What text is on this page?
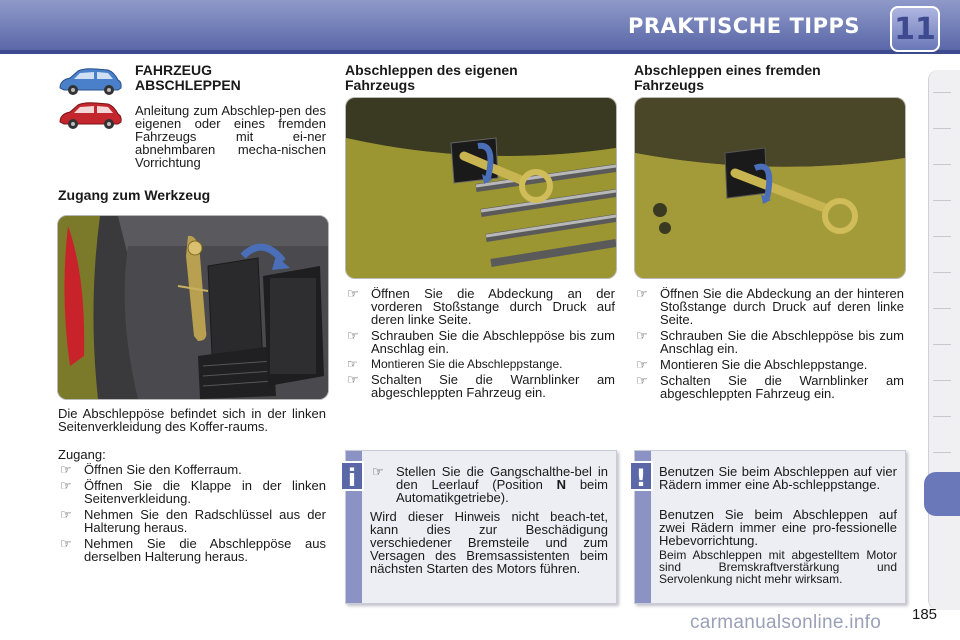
PRAKTISCHE TIPPS 11
FAHRZEUG
ABSCHLEPPEN
Anleitung zum Abschlep-pen des eigenen oder eines fremden Fahrzeugs mit ei-ner abnehmbaren mecha-nischen Vorrichtung
Zugang zum Werkzeug
Die Abschleppöse befindet sich in der linken Seitenverkleidung des Koffer-raums.
Zugang:
☞ Öffnen Sie den Kofferraum.
☞ Öffnen Sie die Klappe in der linken Seitenverkleidung.
☞ Nehmen Sie den Radschlüssel aus der Halterung heraus.
☞ Nehmen Sie die Abschleppöse aus derselben Halterung heraus.
Abschleppen des eigenen
Fahrzeugs
☞ Öffnen Sie die Abdeckung an der vorderen Stoßstange durch Druck auf deren linke Seite.
☞ Schrauben Sie die Abschleppöse bis zum Anschlag ein.
☞ Montieren Sie die Abschleppstange.
☞ Schalten Sie die Warnblinker am abgeschleppten Fahrzeug ein.
Abschleppen eines fremden
Fahrzeugs
☞ Öffnen Sie die Abdeckung an der hinteren Stoßstange durch Druck auf deren linke Seite.
☞ Schrauben Sie die Abschleppöse bis zum Anschlag ein.
☞ Montieren Sie die Abschleppstange.
☞ Schalten Sie die Warnblinker am abgeschleppten Fahrzeug ein.
i	☞ Stellen Sie die Gangschalthe-bel in den Leerlauf (Position N beim Automatikgetriebe).
Wird dieser Hinweis nicht beach-tet, kann dies zur Beschädigung verschiedener Bremsteile und zum Versagen des Bremsassistenten beim nächsten Starten des Motors führen.
! Benutzen Sie beim Abschleppen auf vier Rädern immer eine Ab-schleppstange.
Benutzen Sie beim Abschleppen auf zwei Rädern immer eine pro-fessionelle Hebevorrichtung.
Beim Abschleppen mit abgestelltem Motor sind Bremskraftverstärkung und Servolenkung nicht mehr wirksam.
185
carmanualsonline.info
